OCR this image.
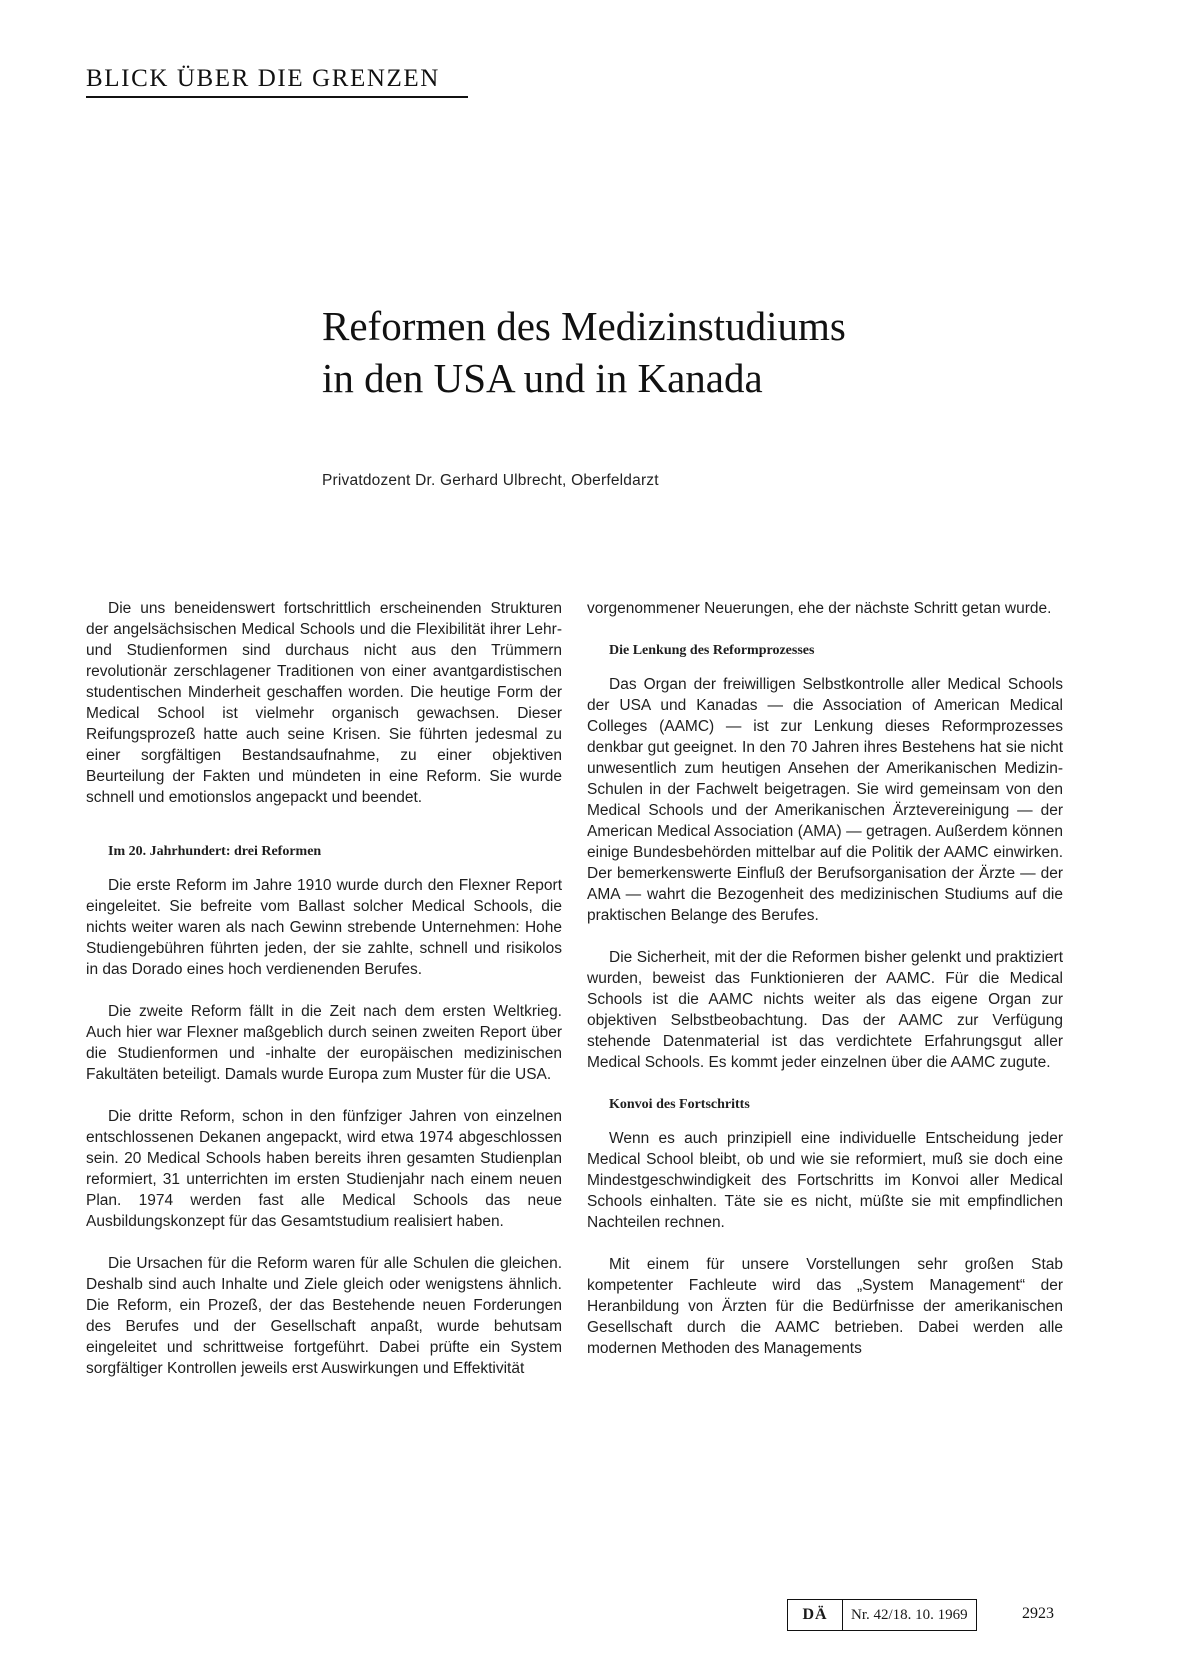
BLICK ÜBER DIE GRENZEN
Reformen des Medizinstudiums
in den USA und in Kanada
Privatdozent Dr. Gerhard Ulbrecht, Oberfeldarzt

Die uns beneidenswert fortschrittlich erscheinenden Strukturen der angelsächsischen Medical Schools und die Flexibilität ihrer Lehr- und Studienformen sind durchaus nicht aus den Trümmern revolutionär zerschlagener Traditionen von einer avantgardistischen studentischen Minderheit geschaffen worden. Die heutige Form der Medical School ist vielmehr organisch gewachsen. Dieser Reifungsprozeß hatte auch seine Krisen. Sie führten jedesmal zu einer sorgfältigen Bestandsaufnahme, zu einer objektiven Beurteilung der Fakten und mündeten in eine Reform. Sie wurde schnell und emotionslos angepackt und beendet.

Im 20. Jahrhundert: drei Reformen

Die erste Reform im Jahre 1910 wurde durch den Flexner Report eingeleitet. Sie befreite vom Ballast solcher Medical Schools, die nichts weiter waren als nach Gewinn strebende Unternehmen: Hohe Studiengebühren führten jeden, der sie zahlte, schnell und risikolos in das Dorado eines hoch verdienenden Berufes.

Die zweite Reform fällt in die Zeit nach dem ersten Weltkrieg. Auch hier war Flexner maßgeblich durch seinen zweiten Report über die Studienformen und -inhalte der europäischen medizinischen Fakultäten beteiligt. Damals wurde Europa zum Muster für die USA.

Die dritte Reform, schon in den fünfziger Jahren von einzelnen entschlossenen Dekanen angepackt, wird etwa 1974 abgeschlossen sein. 20 Medical Schools haben bereits ihren gesamten Studienplan reformiert, 31 unterrichten im ersten Studienjahr nach einem neuen Plan. 1974 werden fast alle Medical Schools das neue Ausbildungskonzept für das Gesamtstudium realisiert haben.

Die Ursachen für die Reform waren für alle Schulen die gleichen. Deshalb sind auch Inhalte und Ziele gleich oder wenigstens ähnlich. Die Reform, ein Prozeß, der das Bestehende neuen Forderungen des Berufes und der Gesellschaft anpaßt, wurde behutsam eingeleitet und schrittweise fortgeführt. Dabei prüfte ein System sorgfältiger Kontrollen jeweils erst Auswirkungen und Effektivität

vorgenommener Neuerungen, ehe der nächste Schritt getan wurde.

Die Lenkung des Reformprozesses

Das Organ der freiwilligen Selbstkontrolle aller Medical Schools der USA und Kanadas — die Association of American Medical Colleges (AAMC) — ist zur Lenkung dieses Reformprozesses denkbar gut geeignet. In den 70 Jahren ihres Bestehens hat sie nicht unwesentlich zum heutigen Ansehen der Amerikanischen Medizin-Schulen in der Fachwelt beigetragen. Sie wird gemeinsam von den Medical Schools und der Amerikanischen Ärztevereinigung — der American Medical Association (AMA) — getragen. Außerdem können einige Bundesbehörden mittelbar auf die Politik der AAMC einwirken. Der bemerkenswerte Einfluß der Berufsorganisation der Ärzte — der AMA — wahrt die Bezogenheit des medizinischen Studiums auf die praktischen Belange des Berufes.

Die Sicherheit, mit der die Reformen bisher gelenkt und praktiziert wurden, beweist das Funktionieren der AAMC. Für die Medical Schools ist die AAMC nichts weiter als das eigene Organ zur objektiven Selbstbeobachtung. Das der AAMC zur Verfügung stehende Datenmaterial ist das verdichtete Erfahrungsgut aller Medical Schools. Es kommt jeder einzelnen über die AAMC zugute.

Konvoi des Fortschritts

Wenn es auch prinzipiell eine individuelle Entscheidung jeder Medical School bleibt, ob und wie sie reformiert, muß sie doch eine Mindestgeschwindigkeit des Fortschritts im Konvoi aller Medical Schools einhalten. Täte sie es nicht, müßte sie mit empfindlichen Nachteilen rechnen.

Mit einem für unsere Vorstellungen sehr großen Stab kompetenter Fachleute wird das „System Management“ der Heranbildung von Ärzten für die Bedürfnisse der amerikanischen Gesellschaft durch die AAMC betrieben. Dabei werden alle modernen Methoden des Managements

DÄ	Nr. 42/18. 10. 1969	2923
